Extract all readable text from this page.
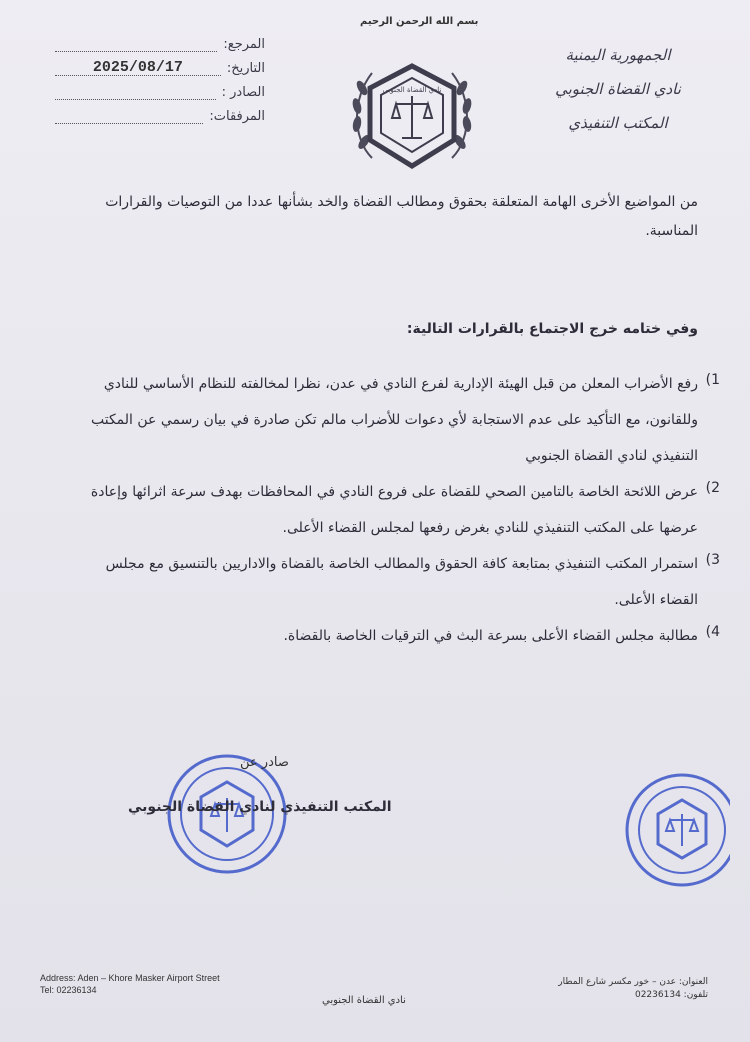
بسم الله الرحمن الرحيم
الجمهورية اليمنية
نادي القضاة الجنوبي
المكتب التنفيذي
المرجع:
التاريخ:
2025/08/17
الصادر :
المرفقات:
نادي القضاة الجنوبي
من المواضيع الأخرى الهامة المتعلقة بحقوق ومطالب القضاة والخد بشأنها عددا من التوصيات والقرارات المناسبة.
وفي ختامه خرج الاجتماع بالقرارات التالية:
1)

رفع الأضراب المعلن من قبل الهيئة الإدارية لفرع النادي في عدن، نظرا لمخالفته للنظام الأساسي للنادي وللقانون، مع التأكيد على عدم الاستجابة لأي دعوات للأضراب مالم تكن صادرة في بيان رسمي عن المكتب التنفيذي لنادي القضاة الجنوبي

2)

عرض اللائحة الخاصة بالتامين الصحي للقضاة على فروع النادي في المحافظات بهدف سرعة اثرائها وإعادة عرضها على المكتب التنفيذي للنادي بغرض رفعها لمجلس القضاء الأعلى.

3)

استمرار المكتب التنفيذي بمتابعة كافة الحقوق والمطالب الخاصة بالقضاة والاداريين بالتنسيق مع مجلس القضاء الأعلى.

4)

مطالبة مجلس القضاء الأعلى بسرعة البث في الترقيات الخاصة بالقضاة.

صادر عن
المكتب التنفيذي لنادي القضاة الجنوبي
Address: Aden – Khore Masker Airport Street
Tel: 02236134
العنوان: عدن – خور مكسر شارع المطار
تلفون: 02236134
نادي القضاة الجنوبي
